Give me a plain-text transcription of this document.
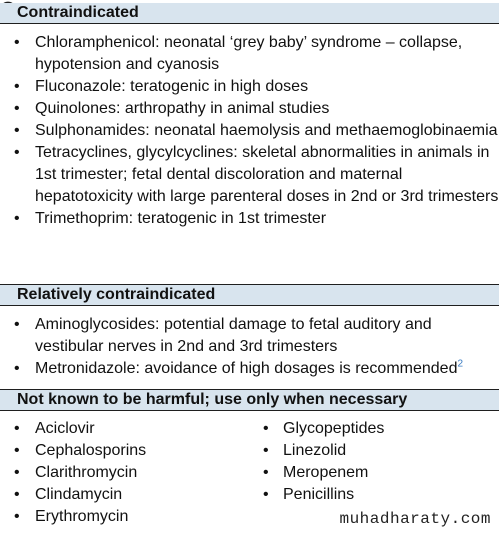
Contraindicated
• Chloramphenicol: neonatal ‘grey baby’ syndrome – collapse, hypotension and cyanosis
• Fluconazole: teratogenic in high doses
• Quinolones: arthropathy in animal studies
• Sulphonamides: neonatal haemolysis and methaemoglobinaemia
• Tetracyclines, glycylcyclines: skeletal abnormalities in animals in 1st trimester; fetal dental discoloration and maternal hepatotoxicity with large parenteral doses in 2nd or 3rd trimesters
• Trimethoprim: teratogenic in 1st trimester
Relatively contraindicated
• Aminoglycosides: potential damage to fetal auditory and vestibular nerves in 2nd and 3rd trimesters
• Metronidazole: avoidance of high dosages is recommended$^2$
Not known to be harmful; use only when necessary
• Aciclovir
• Cephalosporins
• Clarithromycin
• Clindamycin
• Erythromycin
• Glycopeptides
• Linezolid
• Meropenem
• Penicillins
muhadharaty.com
